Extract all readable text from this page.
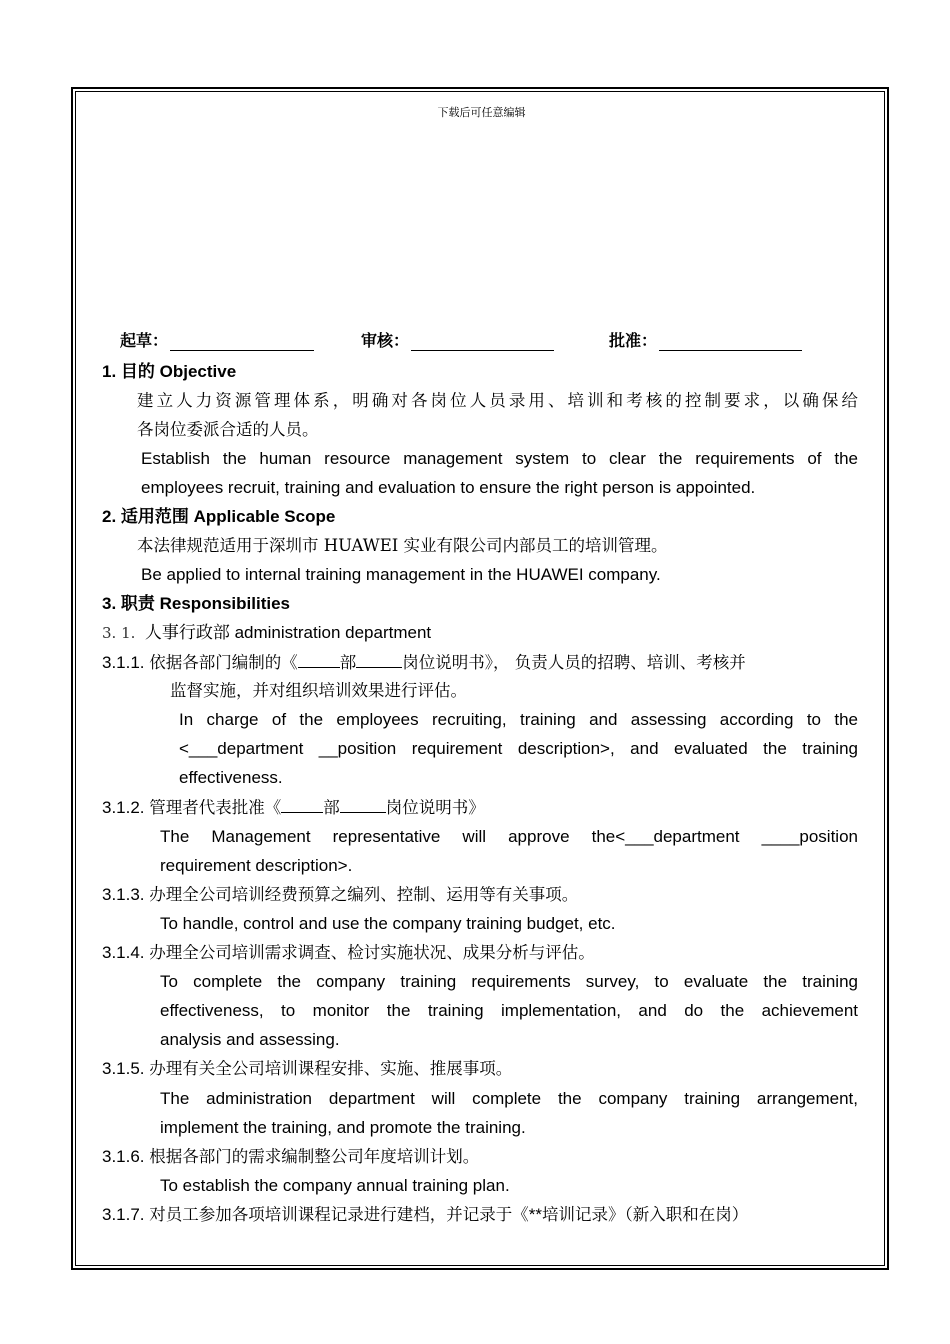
下载后可任意编辑
起草：	审核：	批准：
1. 目的 Objective
建立人力资源管理体系，明确对各岗位人员录用、培训和考核的控制要求，以确保给
各岗位委派合适的人员。
Establish the human resource management system to clear the requirements of the
employees recruit, training and evaluation to ensure the right person is appointed.
2. 适用范围 Applicable Scope
本法律规范适用于深圳市 HUAWEI 实业有限公司内部员工的培训管理。
Be applied to internal training management in the HUAWEI company.
3. 职责 Responsibilities
3. 1. 人事行政部 administration department
3.1.1. 依据各部门编制的《	部	岗位说明书》， 负责人员的招聘、培训、考核并
监督实施，并对组织培训效果进行评估。
In charge of the employees recruiting, training and assessing according to the
<___department __position requirement description>, and evaluated the training
effectiveness.
3.1.2. 管理者代表批准《	部	岗位说明书》
The Management representative will approve the<___department ____position
requirement description>.
3.1.3. 办理全公司培训经费预算之编列、控制、运用等有关事项。
To handle, control and use the company training budget, etc.
3.1.4. 办理全公司培训需求调查、检讨实施状况、成果分析与评估。
To complete the company training requirements survey, to evaluate the training
effectiveness, to monitor the training implementation, and do the achievement
analysis and assessing.
3.1.5. 办理有关全公司培训课程安排、实施、推展事项。
The administration department will complete the company training arrangement,
implement the training, and promote the training.
3.1.6. 根据各部门的需求编制整公司年度培训计划。
To establish the company annual training plan.
3.1.7. 对员工参加各项培训课程记录进行建档，并记录于《**培训记录》（新入职和在岗）
